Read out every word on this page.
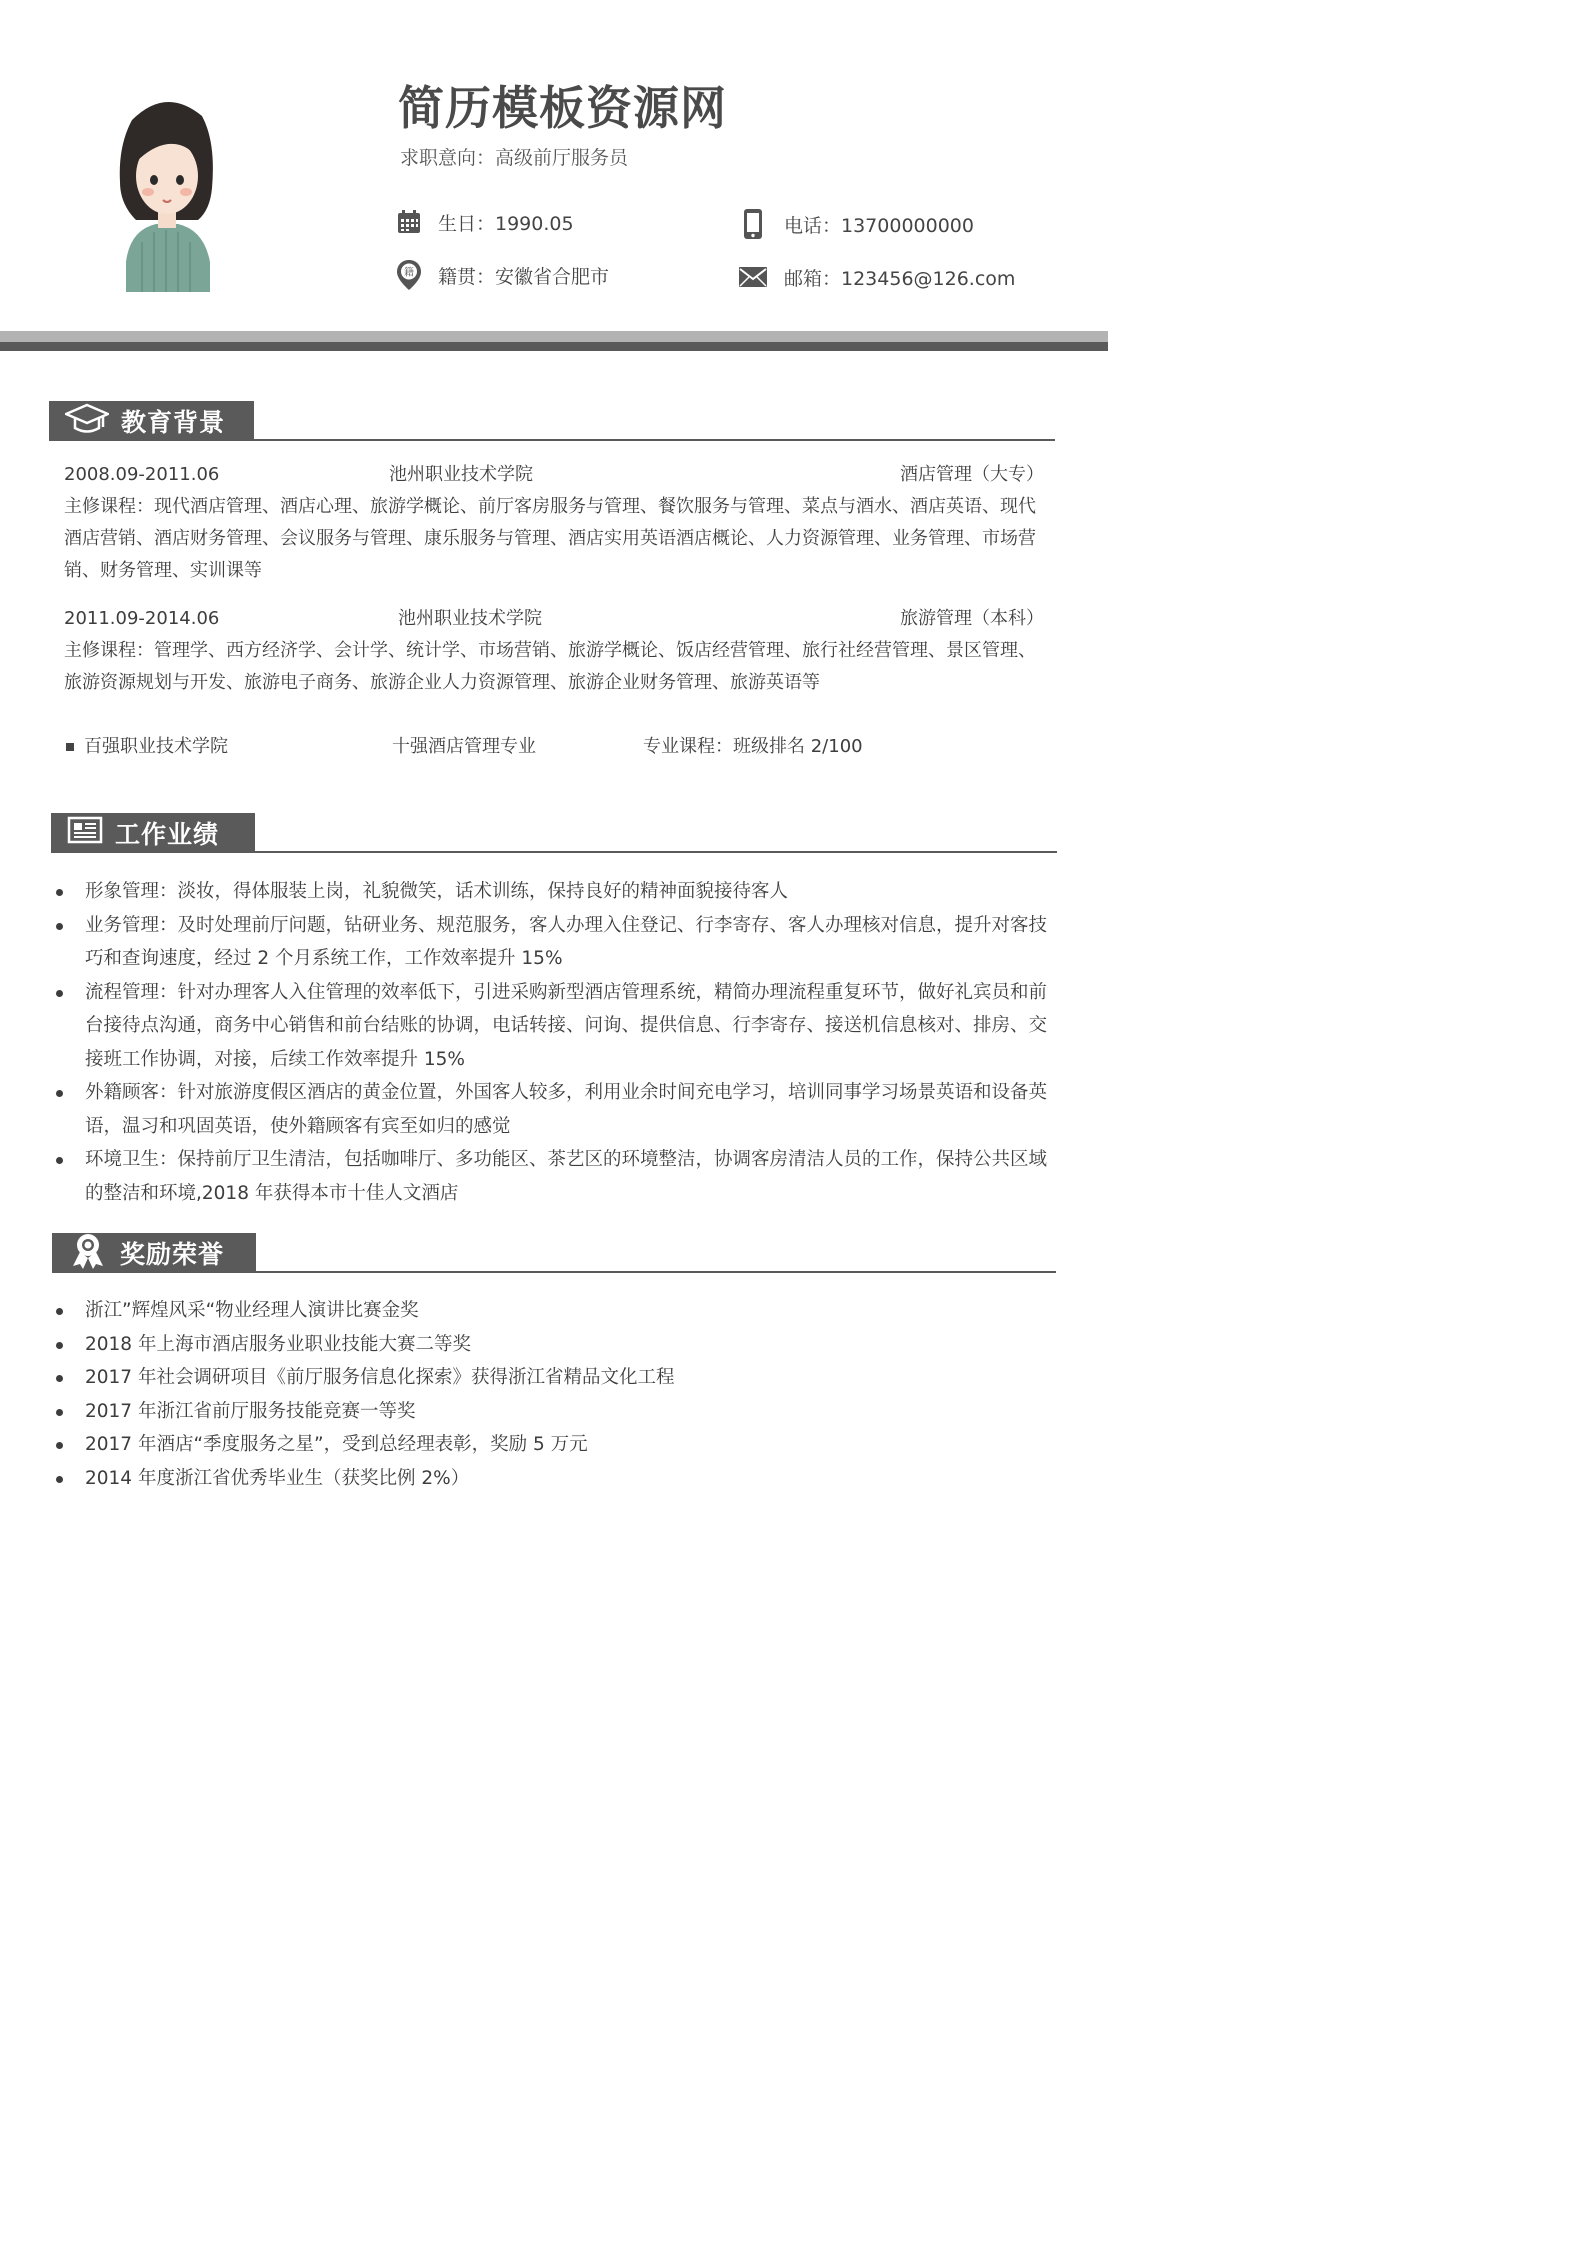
简历模板资源网
求职意向：高级前厅服务员
生日：1990.05	电话：13700000000
籍 籍贯：安徽省合肥市	邮箱：123456@126.com
教育背景
2008.09-2011.06	池州职业技术学院	酒店管理（大专）
主修课程：现代酒店管理、酒店心理、旅游学概论、前厅客房服务与管理、餐饮服务与管理、菜点与酒水、酒店英语、现代酒店营销、酒店财务管理、会议服务与管理、康乐服务与管理、酒店实用英语酒店概论、人力资源管理、业务管理、市场营销、财务管理、实训课等
2011.09-2014.06	池州职业技术学院	旅游管理（本科）
主修课程：管理学、西方经济学、会计学、统计学、市场营销、旅游学概论、饭店经营管理、旅行社经营管理、景区管理、旅游资源规划与开发、旅游电子商务、旅游企业人力资源管理、旅游企业财务管理、旅游英语等
百强职业技术学院	十强酒店管理专业	专业课程：班级排名 2/100
工作业绩
形象管理：淡妆，得体服装上岗，礼貌微笑，话术训练，保持良好的精神面貌接待客人
业务管理：及时处理前厅问题，钻研业务、规范服务，客人办理入住登记、行李寄存、客人办理核对信息，提升对客技巧和查询速度，经过 2 个月系统工作，工作效率提升 15%
流程管理：针对办理客人入住管理的效率低下，引进采购新型酒店管理系统，精简办理流程重复环节，做好礼宾员和前台接待点沟通，商务中心销售和前台结账的协调，电话转接、问询、提供信息、行李寄存、接送机信息核对、排房、交接班工作协调，对接，后续工作效率提升 15%
外籍顾客：针对旅游度假区酒店的黄金位置，外国客人较多，利用业余时间充电学习，培训同事学习场景英语和设备英语，温习和巩固英语，使外籍顾客有宾至如归的感觉
环境卫生：保持前厅卫生清洁，包括咖啡厅、多功能区、茶艺区的环境整洁，协调客房清洁人员的工作，保持公共区域的整洁和环境,2018 年获得本市十佳人文酒店
奖励荣誉
浙江”辉煌风采“物业经理人演讲比赛金奖
2018 年上海市酒店服务业职业技能大赛二等奖
2017 年社会调研项目《前厅服务信息化探索》获得浙江省精品文化工程
2017 年浙江省前厅服务技能竞赛一等奖
2017 年酒店“季度服务之星”，受到总经理表彰，奖励 5 万元
2014 年度浙江省优秀毕业生（获奖比例 2%）
